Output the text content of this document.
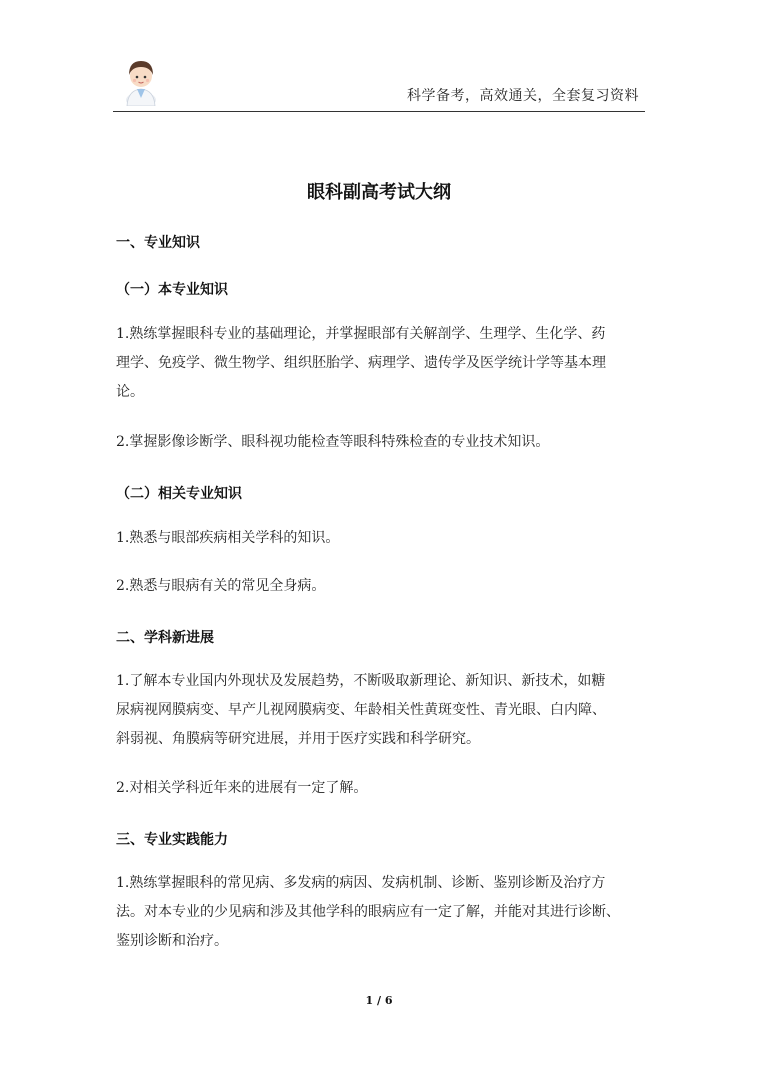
科学备考，高效通关，全套复习资料
眼科副高考试大纲
一、专业知识
（一）本专业知识
1.熟练掌握眼科专业的基础理论，并掌握眼部有关解剖学、生理学、生化学、药
理学、免疫学、微生物学、组织胚胎学、病理学、遗传学及医学统计学等基本理
论。
2.掌握影像诊断学、眼科视功能检查等眼科特殊检查的专业技术知识。
（二）相关专业知识
1.熟悉与眼部疾病相关学科的知识。
2.熟悉与眼病有关的常见全身病。
二、学科新进展
1.了解本专业国内外现状及发展趋势，不断吸取新理论、新知识、新技术，如糖
尿病视网膜病变、早产儿视网膜病变、年龄相关性黄斑变性、青光眼、白内障、
斜弱视、角膜病等研究进展，并用于医疗实践和科学研究。
2.对相关学科近年来的进展有一定了解。
三、专业实践能力
1.熟练掌握眼科的常见病、多发病的病因、发病机制、诊断、鉴别诊断及治疗方
法。对本专业的少见病和涉及其他学科的眼病应有一定了解，并能对其进行诊断、
鉴别诊断和治疗。
1 / 6
